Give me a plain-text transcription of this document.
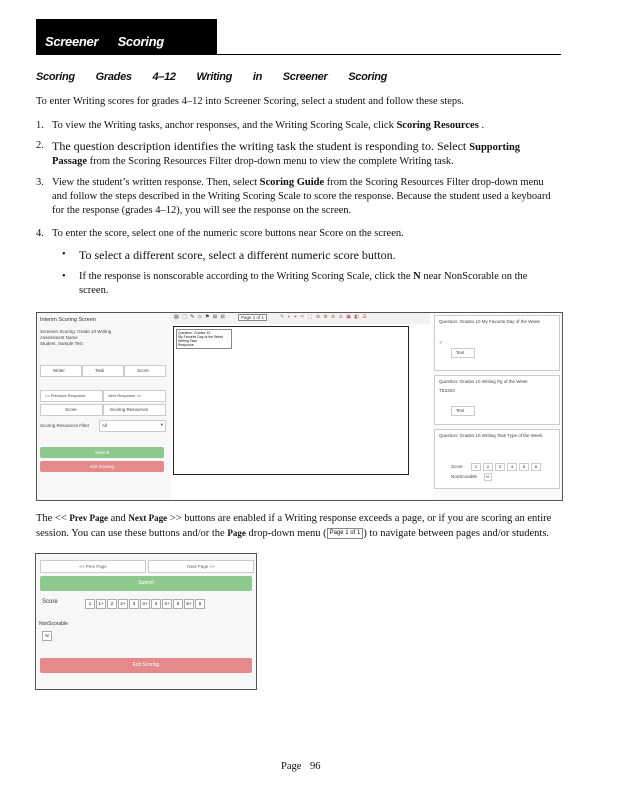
Screener Scoring
Scoring Grades 4–12 Writing in Screener Scoring
To enter Writing scores for grades 4–12 into Screener Scoring, select a student and follow these steps.
1. To view the Writing tasks, anchor responses, and the Writing Scoring Scale, click Scoring Resources .
2. The question description identifies the writing task the student is responding to. Select Supporting Passage from the Scoring Resources Filter drop-down menu to view the complete Writing task.
3. View the student’s written response. Then, select Scoring Guide from the Scoring Resources Filter drop-down menu and follow the steps described in the Writing Scoring Scale to score the response. Because the student used a keyboard for the response (grades 4–12), you will see the response on the screen.
4. To enter the score, select one of the numeric score buttons near Score on the screen.
• To select a different score, select a different numeric score button.
• If the response is nonscorable according to the Writing Scoring Scale, click the N near NonScorable on the screen.
Interim Scoring Screen
Screener Scoring: Grade 10 Writing
Assessment Name
Student, Sample Test
Writer	Task	Score
<< Previous Response	Next Response >>
Score	Scoring Resources
Scoring Resources Filter	All	▾
Submit
Exit Scoring
▤ ⬚ ✎ ◇ ⚑ ⊞ ⊟	Page 1 of 1	✎ ◐ ⌖ ✂ ⬚ ⊕ ⊗ ⊘ ⊙ ▣ ◧ ☰
Question: Grades 10
My Favorite Day of the Week
Writing Task
Response
Question: Grades 10 My Favorite Day of the Week
✓
Text
Question: Grades 10 Writing Pg of the Week
TE2203
Text
Question: Grades 10 Writing Task Type of the Week
Score	1	2	3	4	5	6
NonScorable N
The << Prev Page and Next Page >> buttons are enabled if a Writing response exceeds a page, or if you are scoring an entire session. You can use these buttons and/or the Page drop-down menu ( Page 1 of 1 ) to navigate between pages and/or students.
<< Prev Page	Next Page >>
Submit
Score	1	1+	2	2+	3	3+	4	4+	5	5+	6
NonScorable
N
Exit Scoring
Page 96
